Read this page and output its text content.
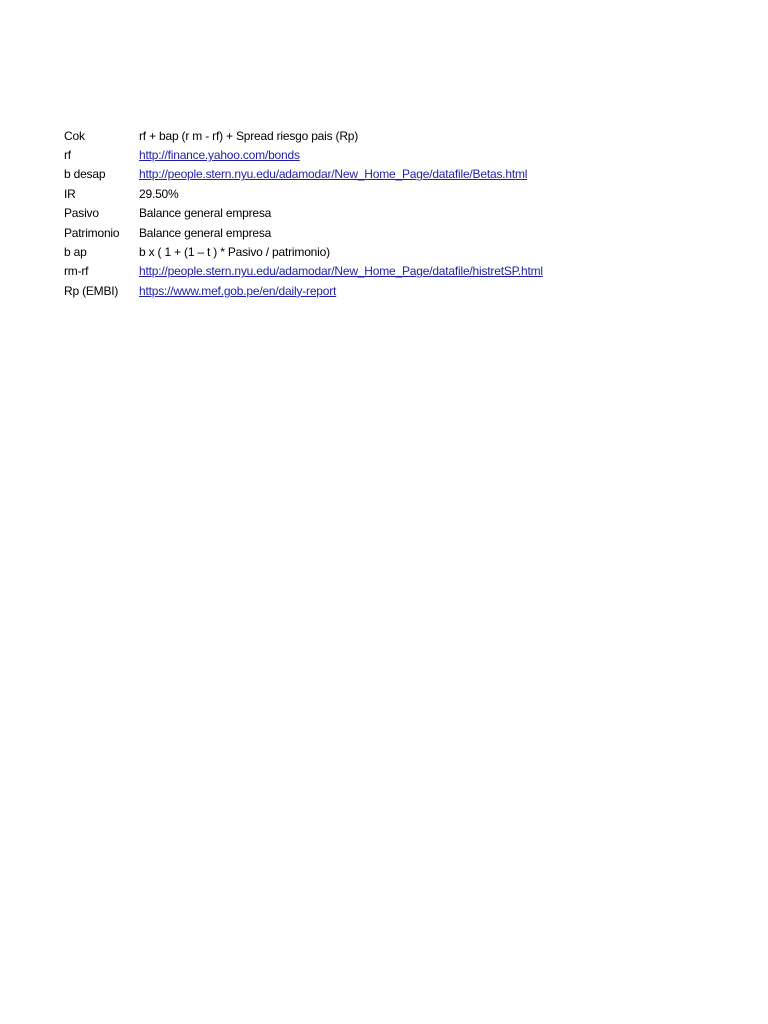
Cok	rf + bap (r m - rf) + Spread riesgo pais (Rp)
rf	http://finance.yahoo.com/bonds
b desap	http://people.stern.nyu.edu/adamodar/New_Home_Page/datafile/Betas.html
IR	29.50%
Pasivo	Balance general empresa
Patrimonio	Balance general empresa
b ap	b x ( 1 + (1 – t ) * Pasivo / patrimonio)
rm-rf	http://people.stern.nyu.edu/adamodar/New_Home_Page/datafile/histretSP.html
Rp (EMBI)	https://www.mef.gob.pe/en/daily-report
